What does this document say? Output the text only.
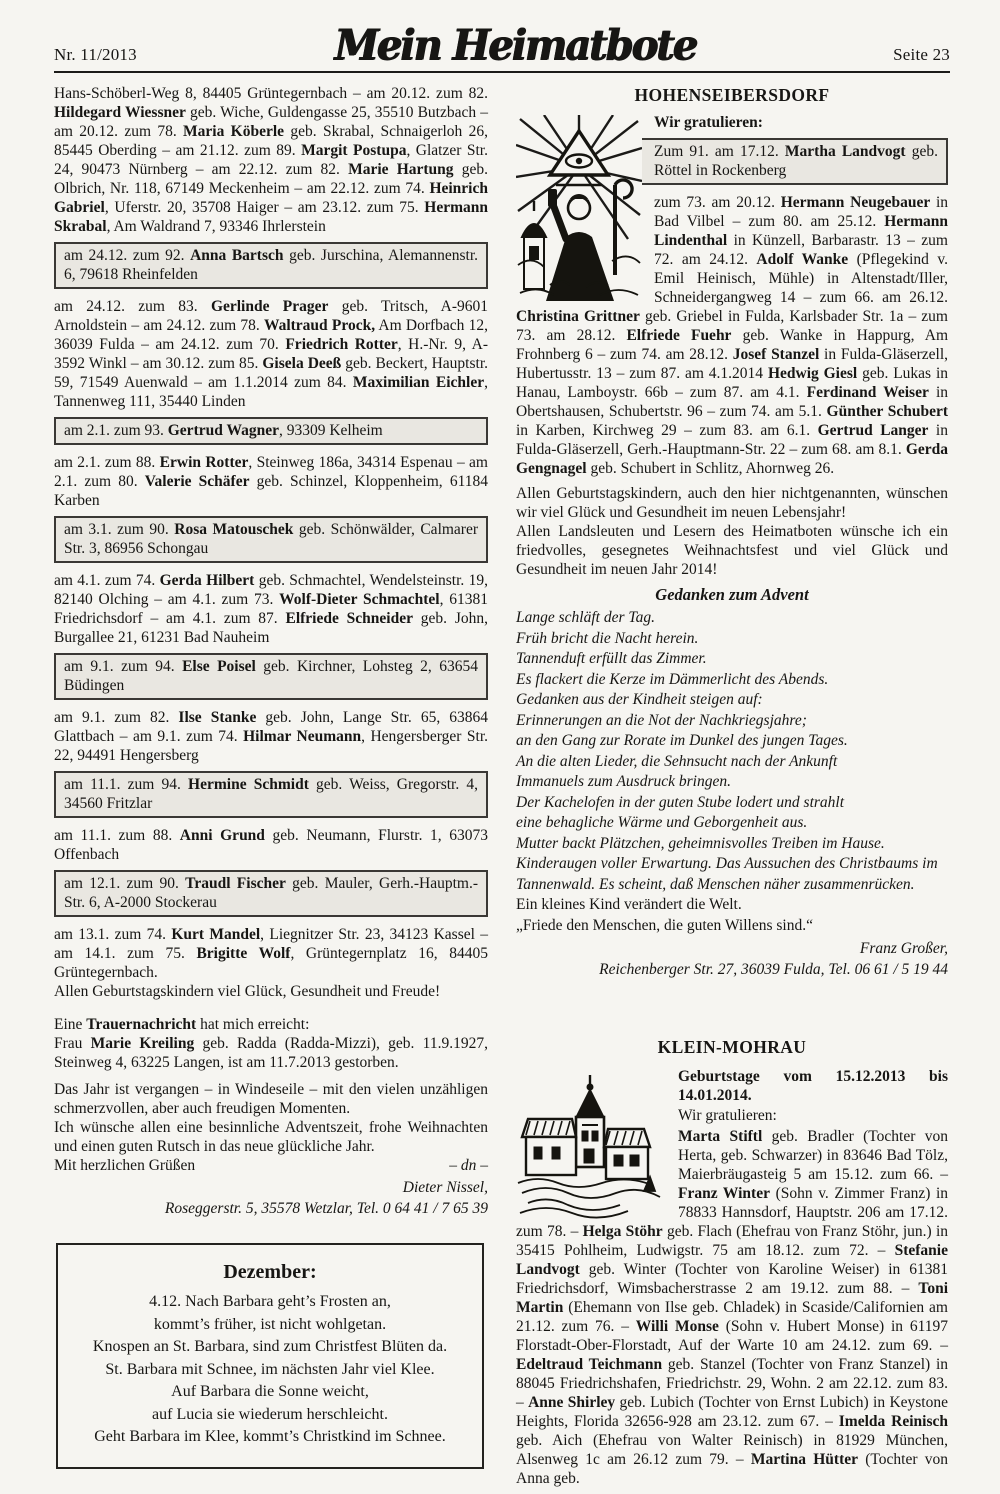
Nr. 11/2013	Mein Heimatbote	Seite 23
Hans-Schöberl-Weg 8, 84405 Grüntegernbach – am 20.12. zum 82. Hildegard Wiessner geb. Wiche, Guldengasse 25, 35510 Butzbach – am 20.12. zum 78. Maria Köberle geb. Skrabal, Schnaigerloh 26, 85445 Oberding – am 21.12. zum 89. Margit Postupa, Glatzer Str. 24, 90473 Nürnberg – am 22.12. zum 82. Marie Hartung geb. Olbrich, Nr. 118, 67149 Meckenheim – am 22.12. zum 74. Heinrich Gabriel, Uferstr. 20, 35708 Haiger – am 23.12. zum 75. Hermann Skrabal, Am Waldrand 7, 93346 Ihrlerstein
am 24.12. zum 92. Anna Bartsch geb. Jurschina, Alemannenstr. 6, 79618 Rheinfelden
am 24.12. zum 83. Gerlinde Prager geb. Tritsch, A-9601 Arnoldstein – am 24.12. zum 78. Waltraud Prock, Am Dorfbach 12, 36039 Fulda – am 24.12. zum 70. Friedrich Rotter, H.-Nr. 9, A-3592 Winkl – am 30.12. zum 85. Gisela Deeß geb. Beckert, Hauptstr. 59, 71549 Auenwald – am 1.1.2014 zum 84. Maximilian Eichler, Tannenweg 111, 35440 Linden
am 2.1. zum 93. Gertrud Wagner, 93309 Kelheim
am 2.1. zum 88. Erwin Rotter, Steinweg 186a, 34314 Espenau – am 2.1. zum 80. Valerie Schäfer geb. Schinzel, Kloppenheim, 61184 Karben
am 3.1. zum 90. Rosa Matouschek geb. Schönwälder, Calmarer Str. 3, 86956 Schongau
am 4.1. zum 74. Gerda Hilbert geb. Schmachtel, Wendelsteinstr. 19, 82140 Olching – am 4.1. zum 73. Wolf-Dieter Schmachtel, 61381 Friedrichsdorf – am 4.1. zum 87. Elfriede Schneider geb. John, Burgallee 21, 61231 Bad Nauheim
am 9.1. zum 94. Else Poisel geb. Kirchner, Lohsteg 2, 63654 Büdingen
am 9.1. zum 82. Ilse Stanke geb. John, Lange Str. 65, 63864 Glattbach – am 9.1. zum 74. Hilmar Neumann, Hengersberger Str. 22, 94491 Hengersberg
am 11.1. zum 94. Hermine Schmidt geb. Weiss, Gregorstr. 4, 34560 Fritzlar
am 11.1. zum 88. Anni Grund geb. Neumann, Flurstr. 1, 63073 Offenbach
am 12.1. zum 90. Traudl Fischer geb. Mauler, Gerh.-Hauptm.-Str. 6, A-2000 Stockerau
am 13.1. zum 74. Kurt Mandel, Liegnitzer Str. 23, 34123 Kassel – am 14.1. zum 75. Brigitte Wolf, Grüntegernplatz 16, 84405 Grüntegernbach.
Allen Geburtstagskindern viel Glück, Gesundheit und Freude!
Eine Trauernachricht hat mich erreicht:
Frau Marie Kreiling geb. Radda (Radda-Mizzi), geb. 11.9.1927, Steinweg 4, 63225 Langen, ist am 11.7.2013 gestorben.
Das Jahr ist vergangen – in Windeseile – mit den vielen unzähligen schmerzvollen, aber auch freudigen Momenten.
Ich wünsche allen eine besinnliche Adventszeit, frohe Weihnachten und einen guten Rutsch in das neue glückliche Jahr.
Mit herzlichen Grüßen	– dn –
Dieter Nissel,
Roseggerstr. 5, 35578 Wetzlar, Tel. 0 64 41 / 7 65 39
Dezember:
4.12. Nach Barbara geht’s Frosten an,
kommt’s früher, ist nicht wohlgetan.
Knospen an St. Barbara, sind zum Christfest Blüten da.
St. Barbara mit Schnee, im nächsten Jahr viel Klee.
Auf Barbara die Sonne weicht,
auf Lucia sie wiederum herschleicht.
Geht Barbara im Klee, kommt’s Christkind im Schnee.
HOHENSEIBERSDORF
Wir gratulieren:
Zum 91. am 17.12. Martha Landvogt geb. Röttel in Rockenberg
zum 73. am 20.12. Hermann Neugebauer in Bad Vilbel – zum 80. am 25.12. Hermann Lindenthal in Künzell, Barbarastr. 13 – zum 72. am 24.12. Adolf Wanke (Pflegekind v. Emil Heinisch, Mühle) in Altenstadt/Iller, Schneidergangweg 14 – zum 66. am 26.12. Christina Grittner geb. Griebel in Fulda, Karlsbader Str. 1a – zum 73. am 28.12. Elfriede Fuehr geb. Wanke in Happurg, Am Frohnberg 6 – zum 74. am 28.12. Josef Stanzel in Fulda-Gläserzell, Hubertusstr. 13 – zum 87. am 4.1.2014 Hedwig Giesl geb. Lukas in Hanau, Lamboystr. 66b – zum 87. am 4.1. Ferdinand Weiser in Obertshausen, Schubertstr. 96 – zum 74. am 5.1. Günther Schubert in Karben, Kirchweg 29 – zum 83. am 6.1. Gertrud Langer in Fulda-Gläserzell, Gerh.-Hauptmann-Str. 22 – zum 68. am 8.1. Gerda Gengnagel geb. Schubert in Schlitz, Ahornweg 26.
Allen Geburtstagskindern, auch den hier nichtgenannten, wünschen wir viel Glück und Gesundheit im neuen Lebensjahr!
Allen Landsleuten und Lesern des Heimatboten wünsche ich ein friedvolles, gesegnetes Weihnachtsfest und viel Glück und Gesundheit im neuen Jahr 2014!
Gedanken zum Advent
Lange schläft der Tag.
Früh bricht die Nacht herein.
Tannenduft erfüllt das Zimmer.
Es flackert die Kerze im Dämmerlicht des Abends.
Gedanken aus der Kindheit steigen auf:
Erinnerungen an die Not der Nachkriegsjahre;
an den Gang zur Rorate im Dunkel des jungen Tages.
An die alten Lieder, die Sehnsucht nach der Ankunft
Immanuels zum Ausdruck bringen.
Der Kachelofen in der guten Stube lodert und strahlt
eine behagliche Wärme und Geborgenheit aus.
Mutter backt Plätzchen, geheimnisvolles Treiben im Hause.
Kinderaugen voller Erwartung. Das Aussuchen des Christbaums im Tannenwald. Es scheint, daß Menschen näher zusammenrücken.
Ein kleines Kind verändert die Welt.
„Friede den Menschen, die guten Willens sind.“
Franz Großer,
Reichenberger Str. 27, 36039 Fulda, Tel. 06 61 / 5 19 44
KLEIN-MOHRAU
Geburtstage vom 15.12.2013 bis 14.01.2014.
Wir gratulieren:
Marta Stiftl geb. Bradler (Tochter von Herta, geb. Schwarzer) in 83646 Bad Tölz, Maierbräugasteig 5 am 15.12. zum 66. – Franz Winter (Sohn v. Zimmer Franz) in 78833 Hannsdorf, Hauptstr. 206 am 17.12. zum 78. – Helga Stöhr geb. Flach (Ehefrau von Franz Stöhr, jun.) in 35415 Pohlheim, Ludwigstr. 75 am 18.12. zum 72. – Stefanie Landvogt geb. Winter (Tochter von Karoline Weiser) in 61381 Friedrichsdorf, Wimsbacherstrasse 2 am 19.12. zum 88. – Toni Martin (Ehemann von Ilse geb. Chladek) in Scaside/Californien am 21.12. zum 76. – Willi Monse (Sohn v. Hubert Monse) in 61197 Florstadt-Ober-Florstadt, Auf der Warte 10 am 24.12. zum 69. – Edeltraud Teichmann geb. Stanzel (Tochter von Franz Stanzel) in 88045 Friedrichshafen, Friedrichstr. 29, Wohn. 2 am 22.12. zum 83. – Anne Shirley geb. Lubich (Tochter von Ernst Lubich) in Keystone Heights, Florida 32656-928 am 23.12. zum 67. – Imelda Reinisch geb. Aich (Ehefrau von Walter Reinisch) in 81929 München, Alsenweg 1c am 26.12 zum 79. – Martina Hütter (Tochter von Anna geb.
